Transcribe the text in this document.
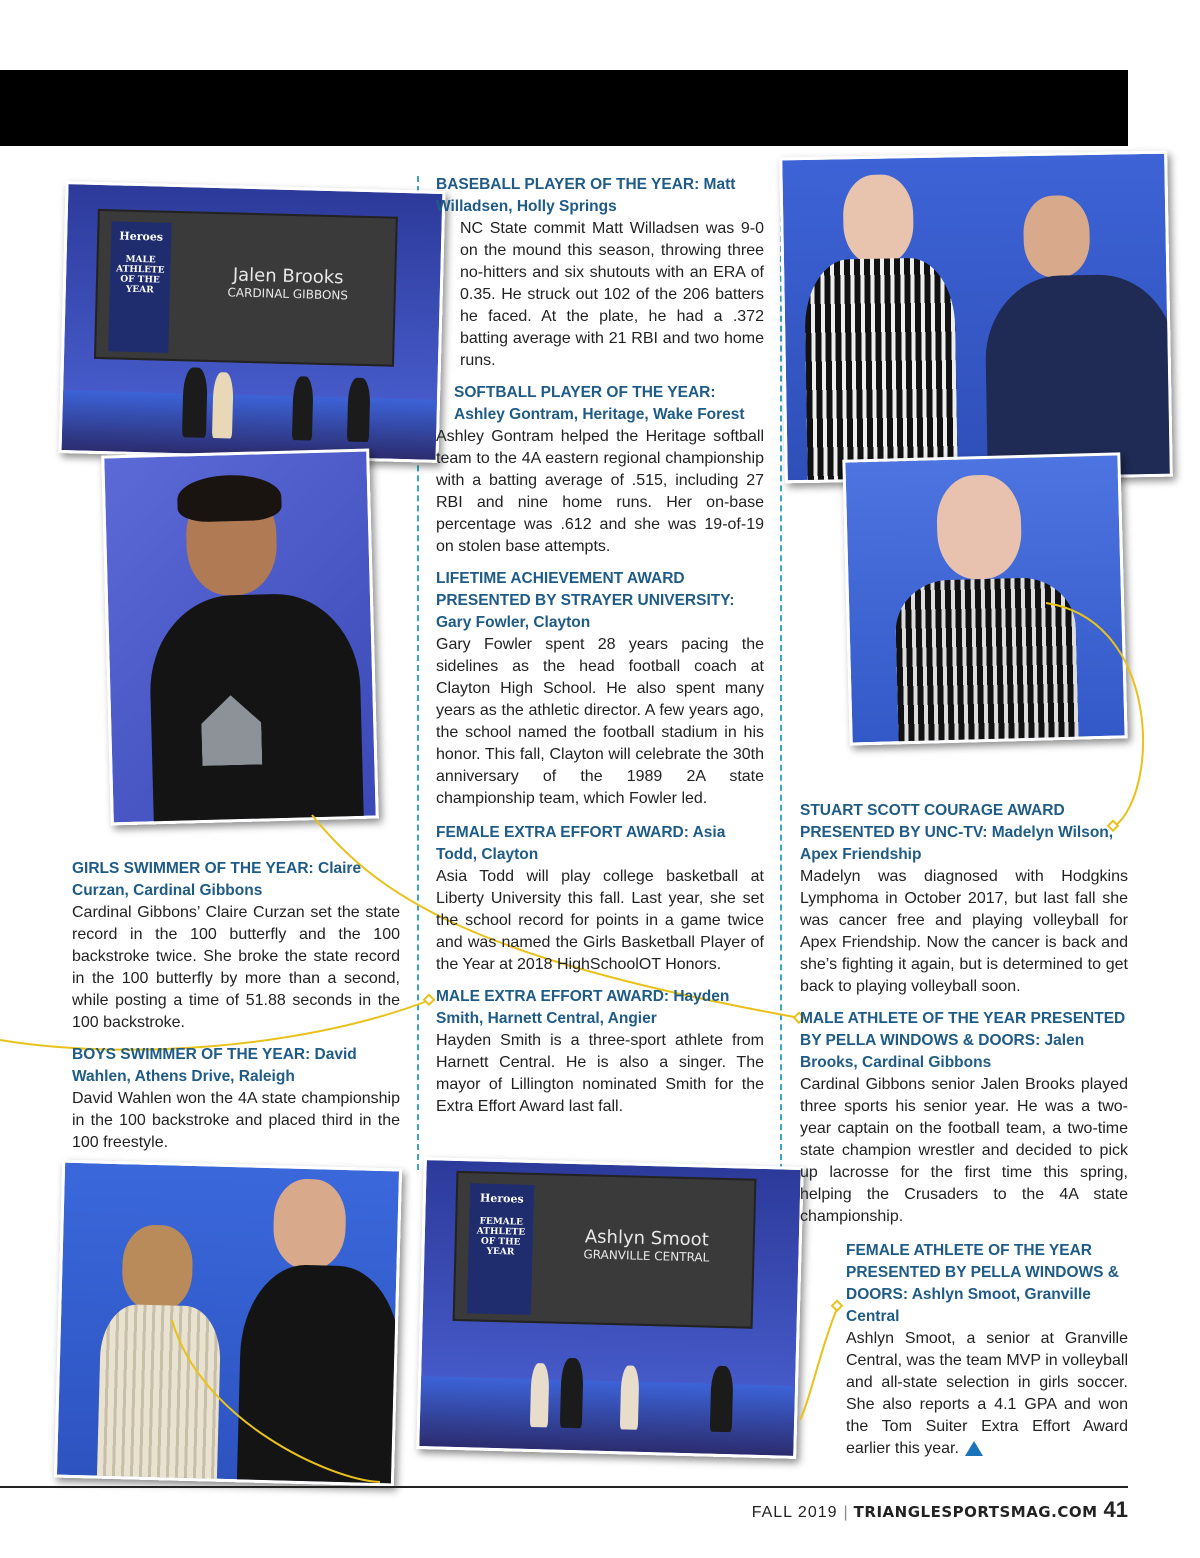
Heroes
MALE ATHLETE OF THE YEAR
Jalen Brooks
CARDINAL GIBBONS
Heroes
FEMALE ATHLETE OF THE YEAR
Ashlyn Smoot
GRANVILLE CENTRAL
BASEBALL PLAYER OF THE YEAR: Matt Willadsen, Holly Springs

NC State commit Matt Willadsen was 9-0 on the mound this season, throwing three no-hitters and six shutouts with an ERA of 0.35. He struck out 102 of the 206 batters he faced. At the plate, he had a .372 batting average with 21 RBI and two home runs.

SOFTBALL PLAYER OF THE YEAR: Ashley Gontram, Heritage, Wake Forest

Ashley Gontram helped the Heritage softball team to the 4A eastern regional championship with a batting average of .515, including 27 RBI and nine home runs. Her on-base percentage was .612 and she was 19-of-19 on stolen base attempts.

LIFETIME ACHIEVEMENT AWARD PRESENTED BY STRAYER UNIVERSITY: Gary Fowler, Clayton

Gary Fowler spent 28 years pacing the sidelines as the head football coach at Clayton High School. He also spent many years as the athletic director. A few years ago, the school named the football stadium in his honor. This fall, Clayton will celebrate the 30th anniversary of the 1989 2A state championship team, which Fowler led.

FEMALE EXTRA EFFORT AWARD: Asia Todd, Clayton

Asia Todd will play college basketball at Liberty University this fall. Last year, she set the school record for points in a game twice and was named the Girls Basketball Player of the Year at 2018 HighSchoolOT Honors.

MALE EXTRA EFFORT AWARD: Hayden Smith, Harnett Central, Angier

Hayden Smith is a three-sport athlete from Harnett Central. He is also a singer. The mayor of Lillington nominated Smith for the Extra Effort Award last fall.

GIRLS SWIMMER OF THE YEAR: Claire Curzan, Cardinal Gibbons

Cardinal Gibbons’ Claire Curzan set the state record in the 100 butterfly and the 100 backstroke twice. She broke the state record in the 100 butterfly by more than a second, while posting a time of 51.88 seconds in the 100 backstroke.

BOYS SWIMMER OF THE YEAR: David Wahlen, Athens Drive, Raleigh

David Wahlen won the 4A state championship in the 100 backstroke and placed third in the 100 freestyle.

STUART SCOTT COURAGE AWARD PRESENTED BY UNC-TV: Madelyn Wilson, Apex Friendship

Madelyn was diagnosed with Hodgkins Lymphoma in October 2017, but last fall she was cancer free and playing volleyball for Apex Friendship. Now the cancer is back and she’s fighting it again, but is determined to get back to playing volleyball soon.

MALE ATHLETE OF THE YEAR PRESENTED BY PELLA WINDOWS & DOORS: Jalen Brooks, Cardinal Gibbons

Cardinal Gibbons senior Jalen Brooks played three sports his senior year. He was a two-year captain on the football team, a two-time state champion wrestler and decided to pick up lacrosse for the first time this spring, helping the Crusaders to the 4A state championship.

FEMALE ATHLETE OF THE YEAR PRESENTED BY PELLA WINDOWS & DOORS: Ashlyn Smoot, Granville Central

Ashlyn Smoot, a senior at Granville Central, was the team MVP in volleyball and all-state selection in girls soccer. She also reports a 4.1 GPA and won the Tom Suiter Extra Effort Award earlier this year.

FALL 2019 | TRIANGLESPORTSMAG.COM 41
